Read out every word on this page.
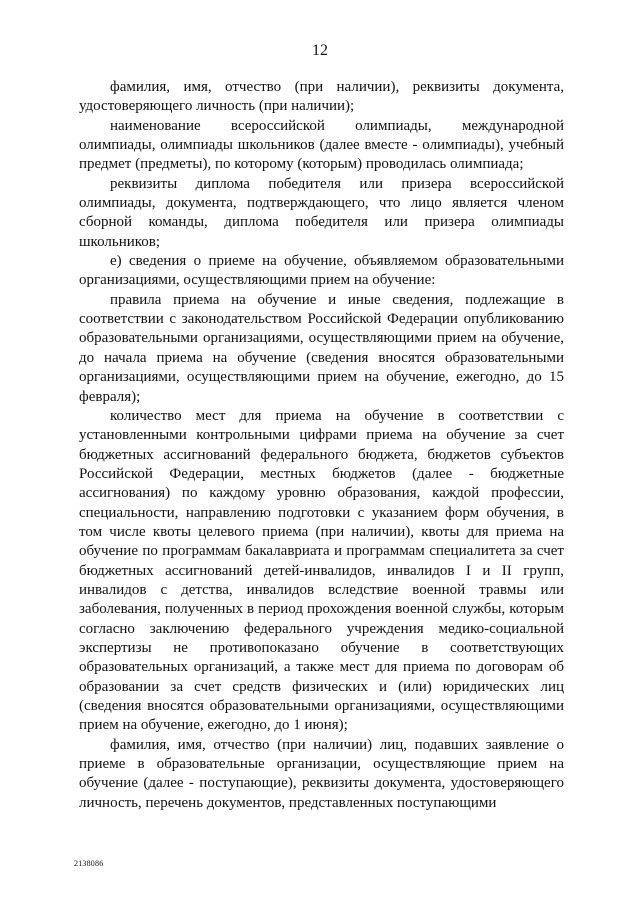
12

фамилия, имя, отчество (при наличии), реквизиты документа, удостоверяющего личность (при наличии);

наименование всероссийской олимпиады, международной олимпиады, олимпиады школьников (далее вместе - олимпиады), учебный предмет (предметы), по которому (которым) проводилась олимпиада;

реквизиты диплома победителя или призера всероссийской олимпиады, документа, подтверждающего, что лицо является членом сборной команды, диплома победителя или призера олимпиады школьников;

е) сведения о приеме на обучение, объявляемом образовательными организациями, осуществляющими прием на обучение:

правила приема на обучение и иные сведения, подлежащие в соответствии с законодательством Российской Федерации опубликованию образовательными организациями, осуществляющими прием на обучение, до начала приема на обучение (сведения вносятся образовательными организациями, осуществляющими прием на обучение, ежегодно, до 15 февраля);

количество мест для приема на обучение в соответствии с установленными контрольными цифрами приема на обучение за счет бюджетных ассигнований федерального бюджета, бюджетов субъектов Российской Федерации, местных бюджетов (далее - бюджетные ассигнования) по каждому уровню образования, каждой профессии, специальности, направлению подготовки с указанием форм обучения, в том числе квоты целевого приема (при наличии), квоты для приема на обучение по программам бакалавриата и программам специалитета за счет бюджетных ассигнований детей-инвалидов, инвалидов I и II групп, инвалидов с детства, инвалидов вследствие военной травмы или заболевания, полученных в период прохождения военной службы, которым согласно заключению федерального учреждения медико-социальной экспертизы не противопоказано обучение в соответствующих образовательных организаций, а также мест для приема по договорам об образовании за счет средств физических и (или) юридических лиц (сведения вносятся образовательными организациями, осуществляющими прием на обучение, ежегодно, до 1 июня);

фамилия, имя, отчество (при наличии) лиц, подавших заявление о приеме в образовательные организации, осуществляющие прием на обучение (далее - поступающие), реквизиты документа, удостоверяющего личность, перечень документов, представленных поступающими

2138086
